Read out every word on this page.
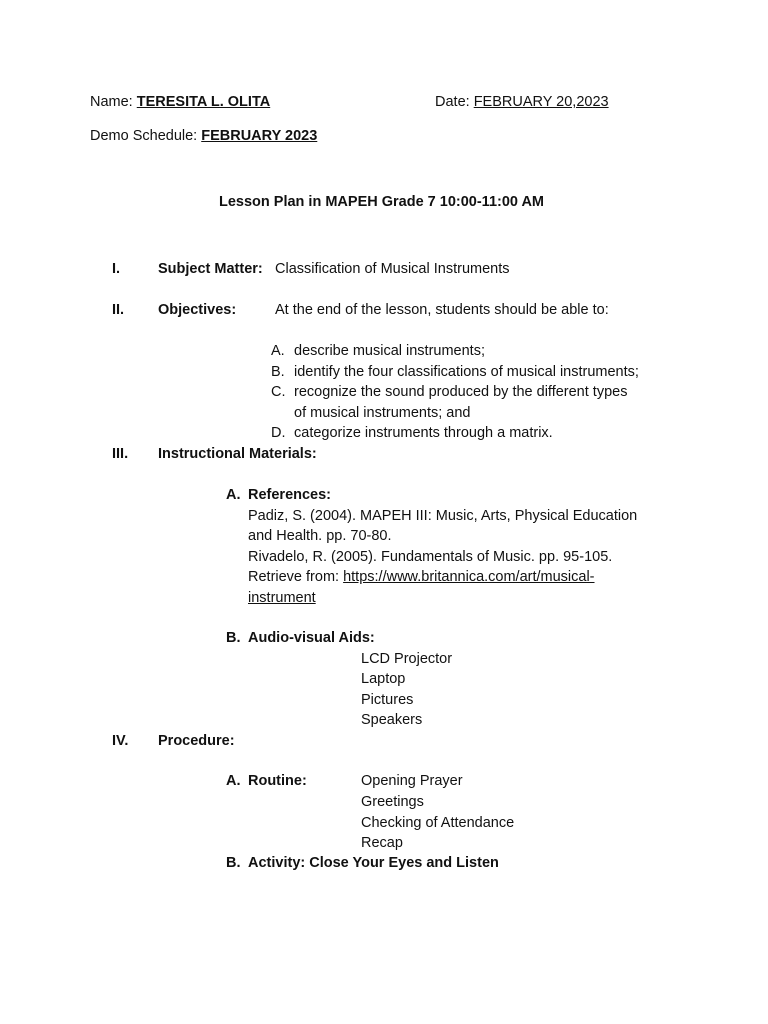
Name: TERESITA L. OLITA	Date: FEBRUARY 20,2023
Demo Schedule: FEBRUARY 2023
Lesson Plan in MAPEH Grade 7 10:00-11:00 AM
I.	Subject Matter: Classification of Musical Instruments
II. Objectives:	At the end of the lesson, students should be able to:
A. describe musical instruments;
B. identify the four classifications of musical instruments;
C. recognize the sound produced by the different types
of musical instruments; and
D. categorize instruments through a matrix.
III. Instructional Materials:
A. References:
Padiz, S. (2004). MAPEH III: Music, Arts, Physical Education
and Health. pp. 70-80.
Rivadelo, R. (2005). Fundamentals of Music. pp. 95-105.
Retrieve from: https://www.britannica.com/art/musical-
instrument
B. Audio-visual Aids:
LCD Projector
Laptop
Pictures
Speakers
IV. Procedure:
A. Routine:	Opening Prayer
Greetings
Checking of Attendance
Recap
B. Activity: Close Your Eyes and Listen
